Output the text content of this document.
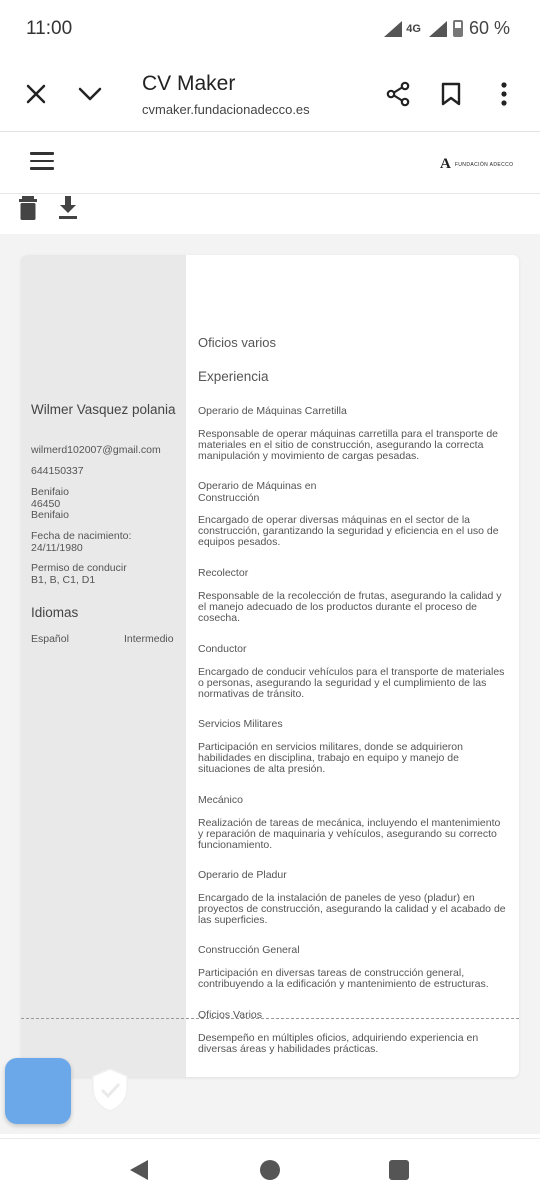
11:00	4G	60 %
CV Maker
cvmaker.fundacionadecco.es
A FUNDACIÓN ADECCO
Wilmer Vasquez polania
wilmerd102007@gmail.com
644150337
Benifaio
46450
Benifaio
Fecha de nacimiento:
24/11/1980
Permiso de conducir
B1, B, C1, D1
Idiomas
Español	Intermedio
Oficios varios
Experiencia
Operario de Máquinas Carretilla
Responsable de operar máquinas carretilla para el transporte de materiales en el sitio de construcción, asegurando la correcta manipulación y movimiento de cargas pesadas.
Operario de Máquinas en Construcción
Encargado de operar diversas máquinas en el sector de la construcción, garantizando la seguridad y eficiencia en el uso de equipos pesados.
Recolector
Responsable de la recolección de frutas, asegurando la calidad y el manejo adecuado de los productos durante el proceso de cosecha.
Conductor
Encargado de conducir vehículos para el transporte de materiales o personas, asegurando la seguridad y el cumplimiento de las normativas de tránsito.
Servicios Militares
Participación en servicios militares, donde se adquirieron habilidades en disciplina, trabajo en equipo y manejo de situaciones de alta presión.
Mecánico
Realización de tareas de mecánica, incluyendo el mantenimiento y reparación de maquinaria y vehículos, asegurando su correcto funcionamiento.
Operario de Pladur
Encargado de la instalación de paneles de yeso (pladur) en proyectos de construcción, asegurando la calidad y el acabado de las superficies.
Construcción General
Participación en diversas tareas de construcción general, contribuyendo a la edificación y mantenimiento de estructuras.
Oficios Varios
Desempeño en múltiples oficios, adquiriendo experiencia en diversas áreas y habilidades prácticas.
